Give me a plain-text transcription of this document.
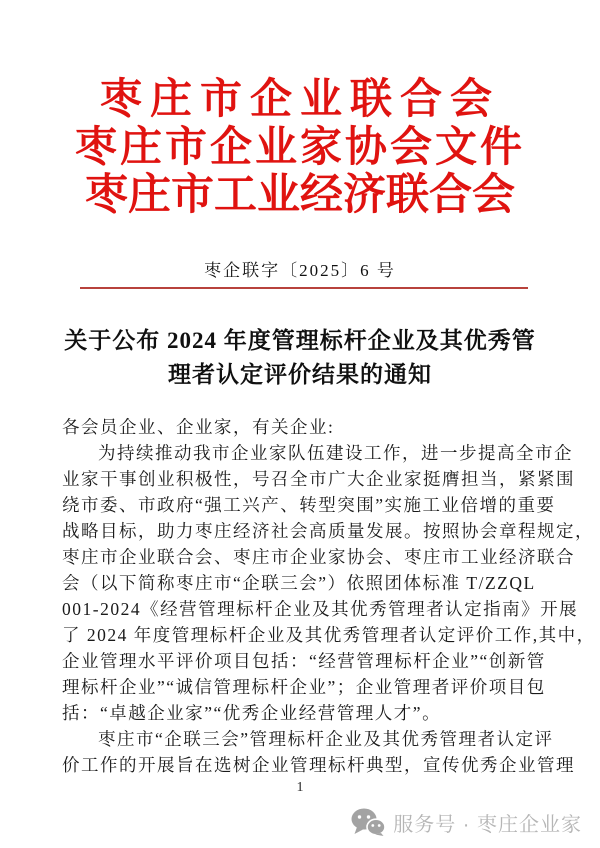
枣庄市企业联合会
枣庄市企业家协会文件
枣庄市工业经济联合会
枣企联字〔2025〕6 号
关于公布 2024 年度管理标杆企业及其优秀管
理者认定评价结果的通知
各会员企业、企业家，有关企业:
为持续推动我市企业家队伍建设工作，进一步提高全市企
业家干事创业积极性，号召全市广大企业家挺膺担当，紧紧围
绕市委、市政府“强工兴产、转型突围”实施工业倍增的重要
战略目标，助力枣庄经济社会高质量发展。按照协会章程规定，
枣庄市企业联合会、枣庄市企业家协会、枣庄市工业经济联合
会（以下简称枣庄市“企联三会”）依照团体标准 T/ZZQL
001-2024《经营管理标杆企业及其优秀管理者认定指南》开展
了 2024 年度管理标杆企业及其优秀管理者认定评价工作,其中，
企业管理水平评价项目包括：“经营管理标杆企业”“创新管
理标杆企业”“诚信管理标杆企业”；企业管理者评价项目包
括：“卓越企业家”“优秀企业经营管理人才”。
枣庄市“企联三会”管理标杆企业及其优秀管理者认定评
价工作的开展旨在选树企业管理标杆典型，宣传优秀企业管理
1
服务号 · 枣庄企业家
